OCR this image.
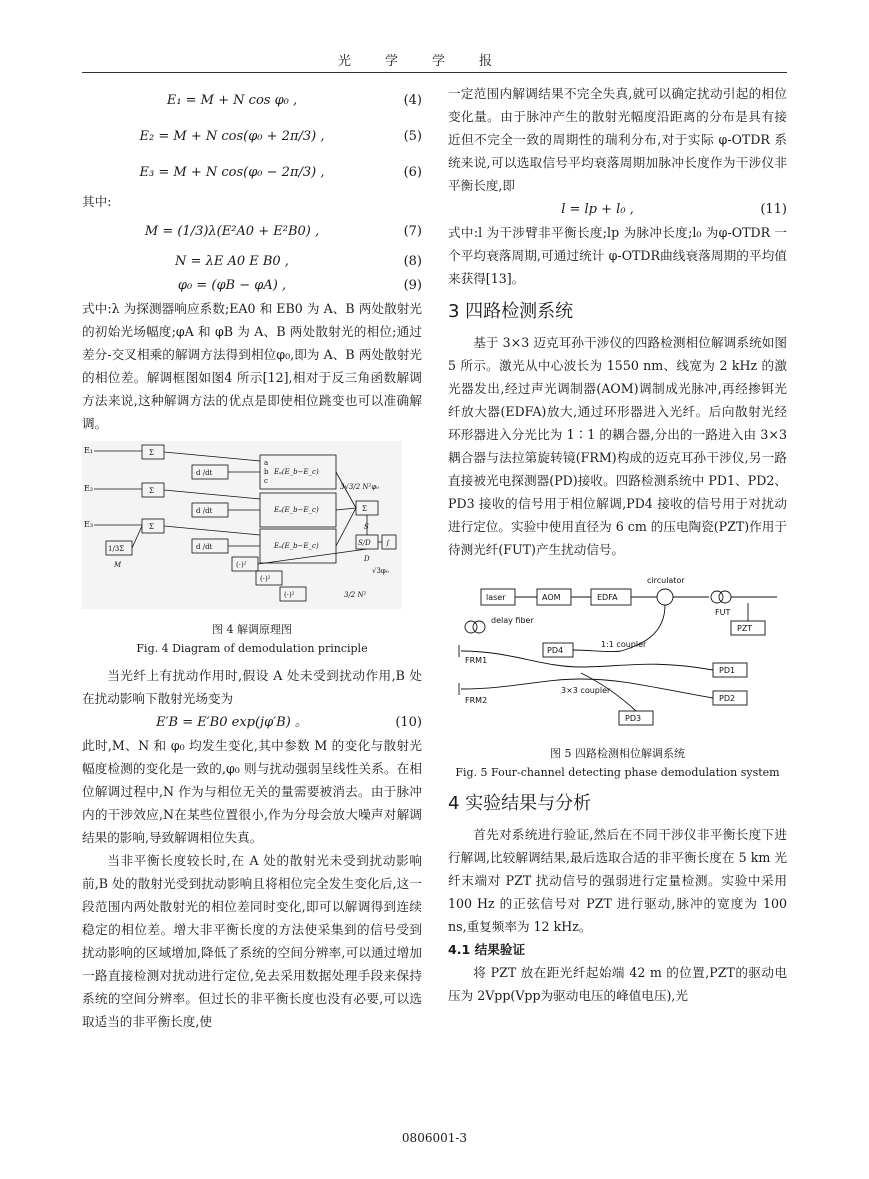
光学学报
E₁ = M + N cos φ₀ ,	(4)
E₂ = M + N cos(φ₀ + 2π/3) ,	(5)
E₃ = M + N cos(φ₀ − 2π/3) ,	(6)
其中:
M = (1/3)λ(E²A0 + E²B0) ,	(7)
N = λE A0 E B0 ,	(8)
φ₀ = (φB − φA) ,	(9)

式中:λ 为探测器响应系数;EA0 和 EB0 为 A、B 两处散射光的初始光场幅度;φA 和 φB 为 A、B 两处散射光的相位;通过差分-交叉相乘的解调方法得到相位φ₀,即为 A、B 两处散射光的相位差。解调框图如图4 所示[12],相对于反三角函数解调方法来说,这种解调方法的优点是即使相位跳变也可以准确解调。

E₁
E₂
E₃
Σ
Σ
Σ
1/3Σ
M
d /dt
d /dt
d /dt
a
b
c
Eₐ(E_b−E_c)
Eₐ(E_b−E_c)
Eₐ(E_b−E_c)
3√3/2 N²φ₀
Σ
S
S/D ∫
D
√3φ₀
(·)²
(·)²
(·)²	3/2 N²
图 4 解调原理图
Fig. 4 Diagram of demodulation principle

当光纤上有扰动作用时,假设 A 处未受到扰动作用,B 处在扰动影响下散射光场变为

E′B = E′B0 exp(jφ′B) 。	(10)

此时,M、N 和 φ₀ 均发生变化,其中参数 M 的变化与散射光幅度检测的变化是一致的,φ₀ 则与扰动强弱呈线性关系。在相位解调过程中,N 作为与相位无关的量需要被消去。由于脉冲内的干涉效应,N在某些位置很小,作为分母会放大噪声对解调结果的影响,导致解调相位失真。

当非平衡长度较长时,在 A 处的散射光未受到扰动影响前,B 处的散射光受到扰动影响且将相位完全发生变化后,这一段范围内两处散射光的相位差同时变化,即可以解调得到连续稳定的相位差。增大非平衡长度的方法使采集到的信号受到扰动影响的区域增加,降低了系统的空间分辨率,可以通过增加一路直接检测对扰动进行定位,免去采用数据处理手段来保持系统的空间分辨率。但过长的非平衡长度也没有必要,可以选取适当的非平衡长度,使

一定范围内解调结果不完全失真,就可以确定扰动引起的相位变化量。由于脉冲产生的散射光幅度沿距离的分布是具有接近但不完全一致的周期性的瑞利分布,对于实际 φ-OTDR 系统来说,可以选取信号平均衰落周期加脉冲长度作为干涉仪非平衡长度,即

l = lp + l₀ ,	(11)

式中:l 为干涉臂非平衡长度;lp 为脉冲长度;l₀ 为φ-OTDR 一个平均衰落周期,可通过统计 φ-OTDR曲线衰落周期的平均值来获得[13]。

3 四路检测系统

基于 3×3 迈克耳孙干涉仪的四路检测相位解调系统如图 5 所示。激光从中心波长为 1550 nm、线宽为 2 kHz 的激光器发出,经过声光调制器(AOM)调制成光脉冲,再经掺铒光纤放大器(EDFA)放大,通过环形器进入光纤。后向散射光经环形器进入分光比为 1∶1 的耦合器,分出的一路进入由 3×3 耦合器与法拉第旋转镜(FRM)构成的迈克耳孙干涉仪,另一路直接被光电探测器(PD)接收。四路检测系统中 PD1、PD2、PD3 接收的信号用于相位解调,PD4 接收的信号用于对扰动进行定位。实验中使用直径为 6 cm 的压电陶瓷(PZT)作用于待测光纤(FUT)产生扰动信号。

laser	AOM	EDFA
circulator
FUT
PZT
delay fiber
PD4
1:1 coupler
PD1
FRM1
3×3 coupler
PD2
FRM2
PD3
图 5 四路检测相位解调系统
Fig. 5 Four-channel detecting phase demodulation system
4 实验结果与分析

首先对系统进行验证,然后在不同干涉仪非平衡长度下进行解调,比较解调结果,最后选取合适的非平衡长度在 5 km 光纤末端对 PZT 扰动信号的强弱进行定量检测。实验中采用 100 Hz 的正弦信号对 PZT 进行驱动,脉冲的宽度为 100 ns,重复频率为 12 kHz。

4.1 结果验证

将 PZT 放在距光纤起始端 42 m 的位置,PZT的驱动电压为 2Vpp(Vpp为驱动电压的峰值电压),光

0806001-3
